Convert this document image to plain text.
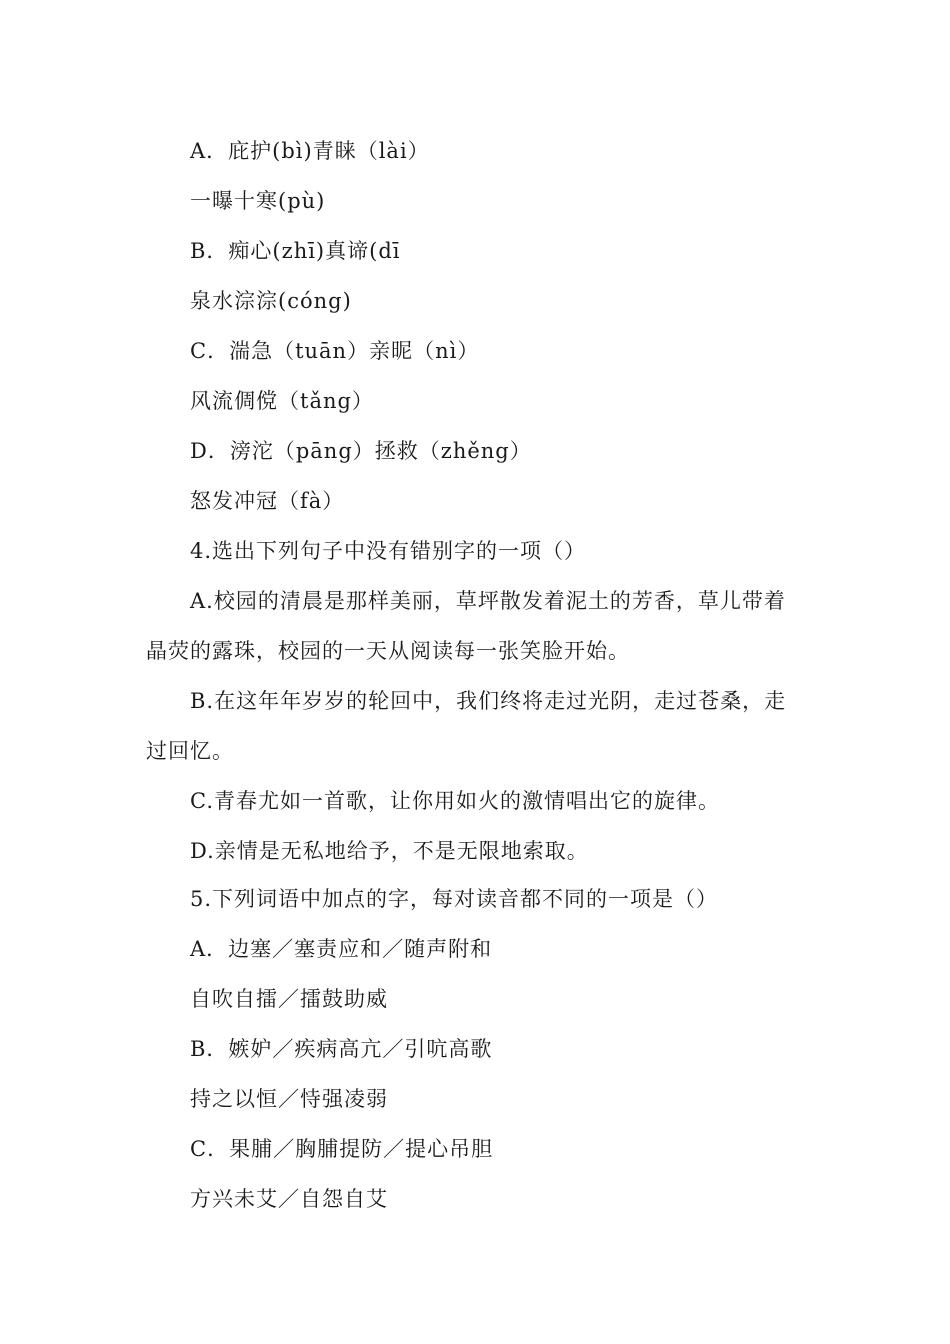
A．庇护(bì)青睐（lài）
一曝十寒(pù)
B．痴心(zhī)真谛(dī
泉水淙淙(cóng)
C．湍急（tuān）亲昵（nì）
风流倜傥（tǎng）
D．滂沱（pāng）拯救（zhěng）
怒发冲冠（fà）
4.选出下列句子中没有错别字的一项（）
A.校园的清晨是那样美丽，草坪散发着泥土的芳香，草儿带着
晶荧的露珠，校园的一天从阅读每一张笑脸开始。
B.在这年年岁岁的轮回中，我们终将走过光阴，走过苍桑，走
过回忆。
C.青春尤如一首歌，让你用如火的激情唱出它的旋律。
D.亲情是无私地给予，不是无限地索取。
5.下列词语中加点的字，每对读音都不同的一项是（）
A．边塞／塞责应和／随声附和
自吹自擂／擂鼓助威
B．嫉妒／疾病高亢／引吭高歌
持之以恒／恃强凌弱
C．果脯／胸脯提防／提心吊胆
方兴未艾／自怨自艾
